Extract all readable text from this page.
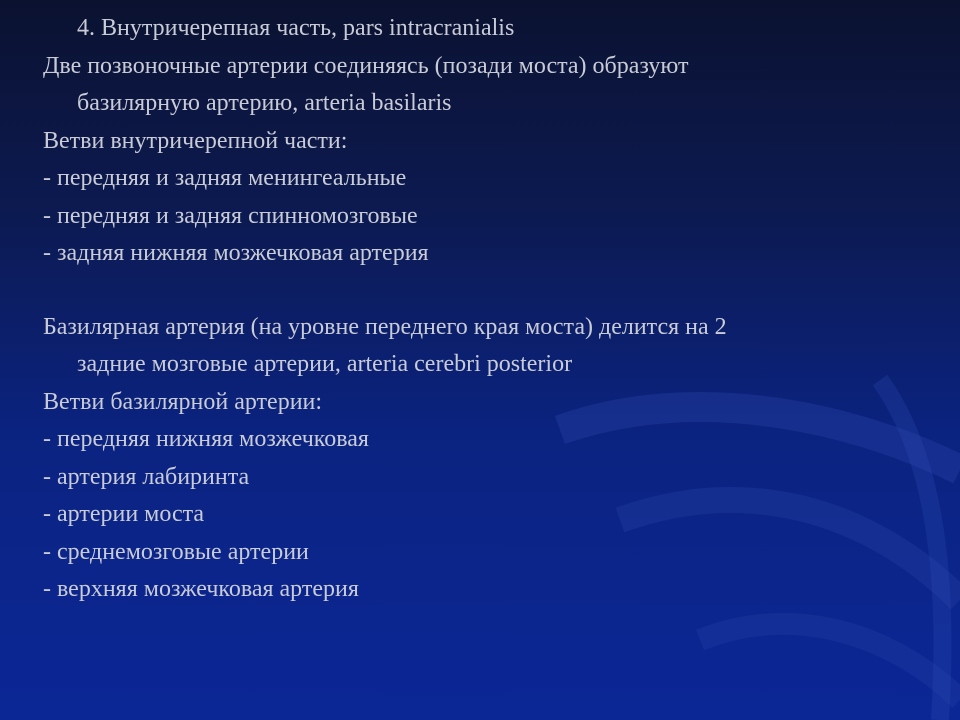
4. Внутричерепная часть, pars intracranialis
Две позвоночные артерии соединяясь (позади моста) образуют
базилярную артерию, arteria basilaris
Ветви внутричерепной части:
- передняя и задняя менингеальные
- передняя и задняя спинномозговые
- задняя нижняя мозжечковая артерия
Базилярная артерия (на уровне переднего края моста) делится на 2
задние мозговые артерии, arteria cerebri posterior
Ветви базилярной артерии:
- передняя нижняя мозжечковая
- артерия лабиринта
- артерии моста
- среднемозговые артерии
- верхняя мозжечковая артерия
